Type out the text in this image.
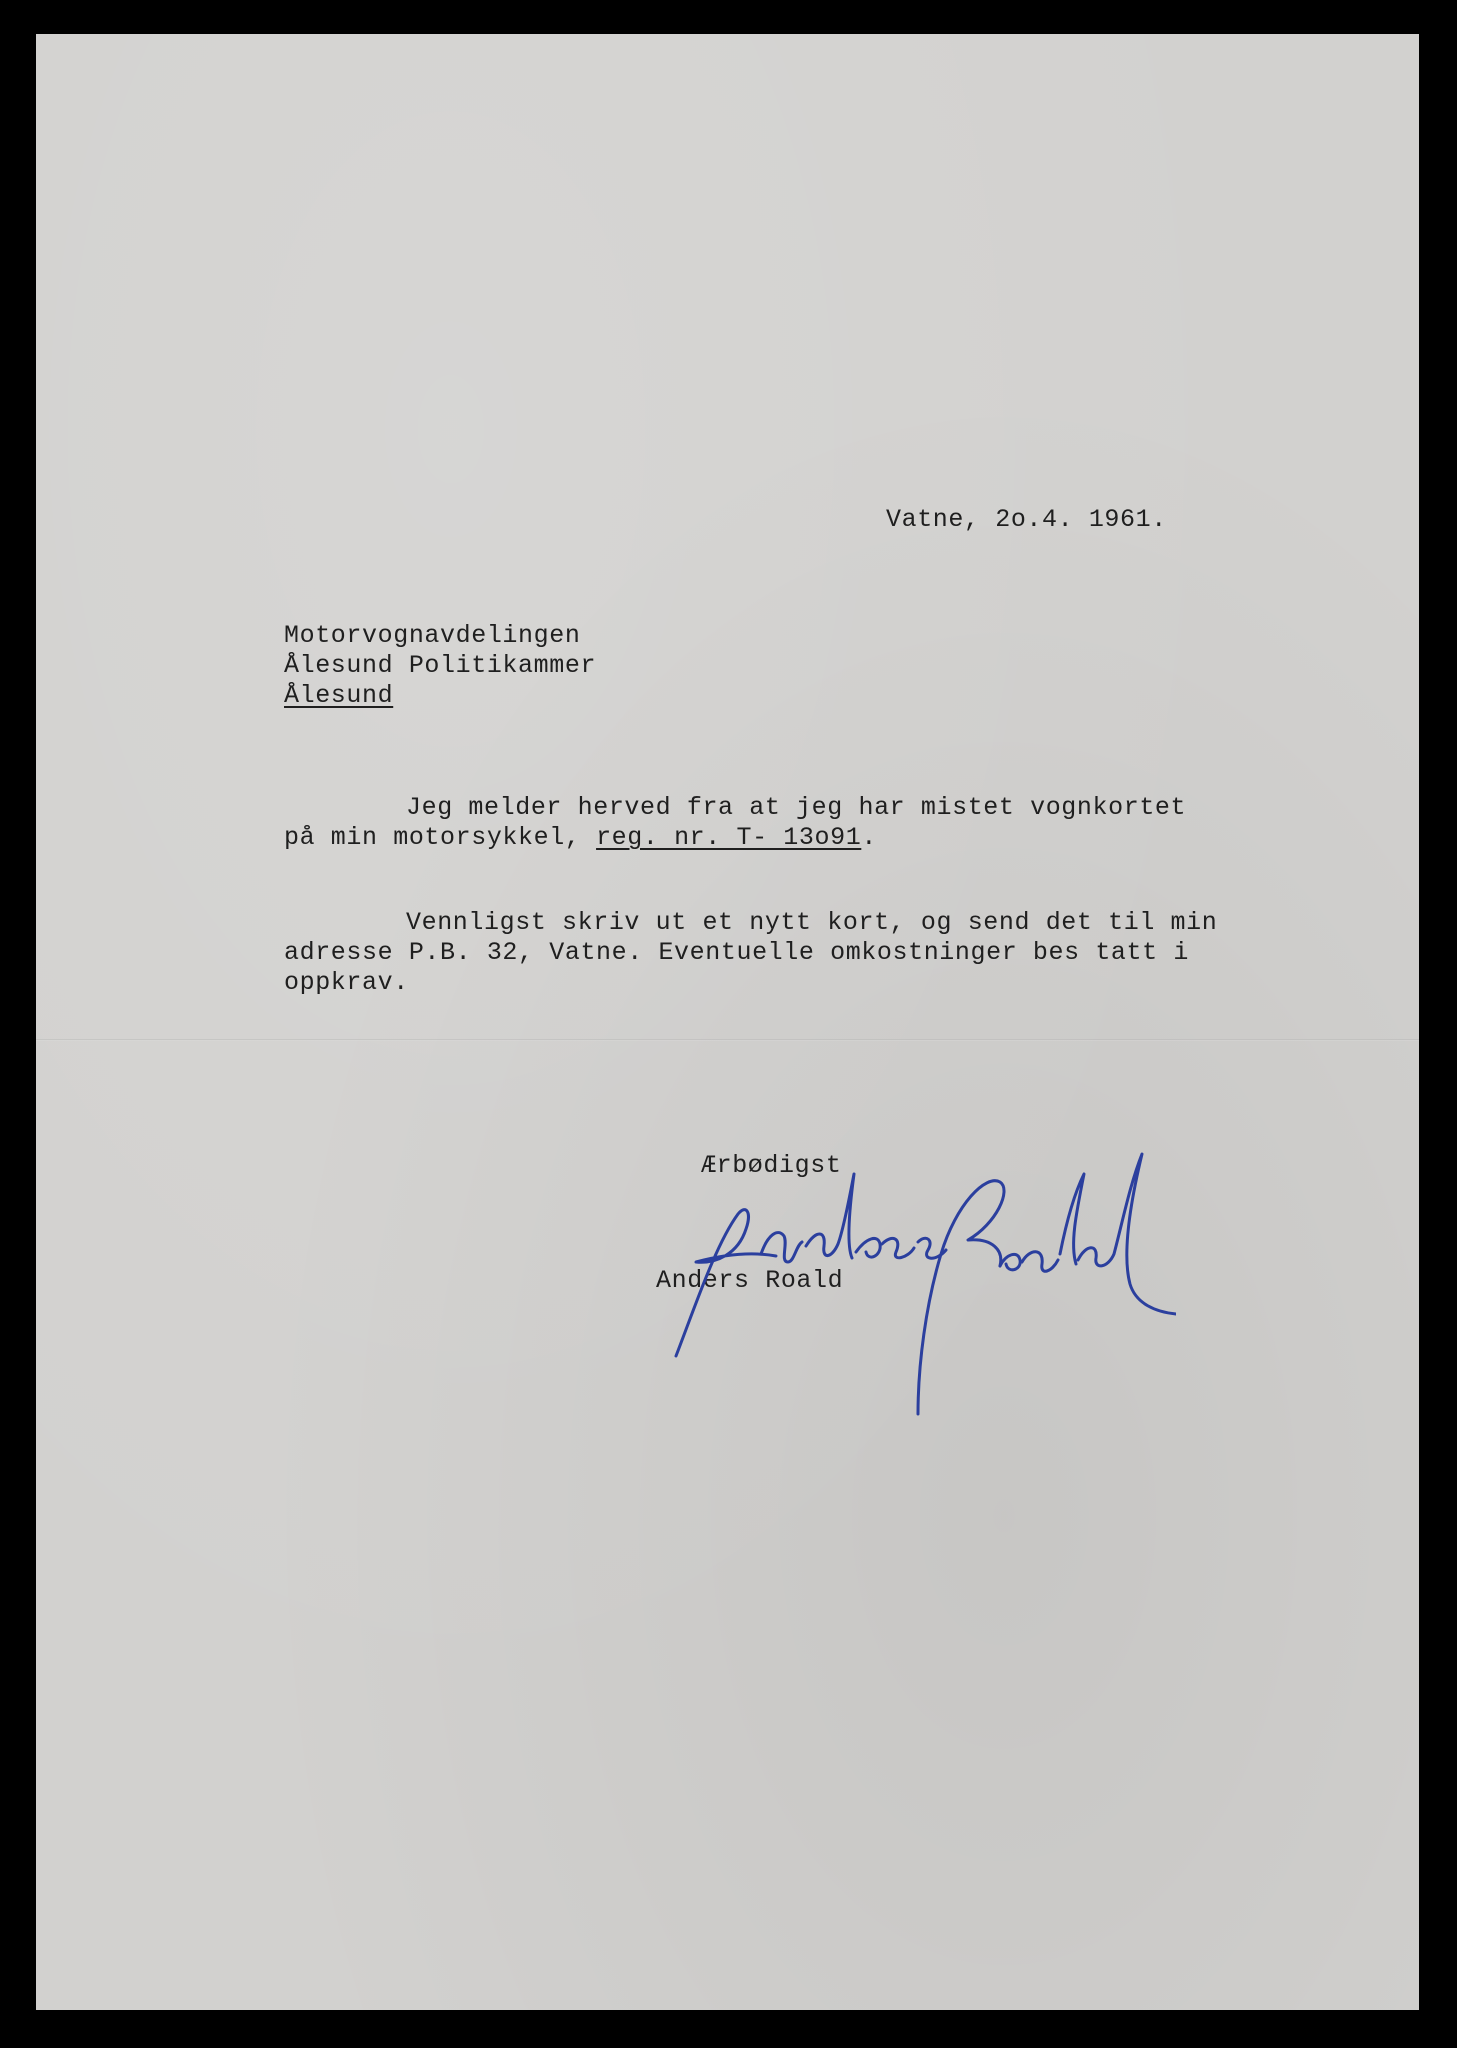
Vatne, 2o.4. 1961.
Motorvognavdelingen
Ålesund Politikammer
Ålesund
Jeg melder herved fra at jeg har mistet vognkortet
på min motorsykkel, reg. nr. T- 13o91.
Vennligst skriv ut et nytt kort, og send det til min
adresse P.B. 32, Vatne. Eventuelle omkostninger bes tatt i
oppkrav.
Ærbødigst
Anders Roald
